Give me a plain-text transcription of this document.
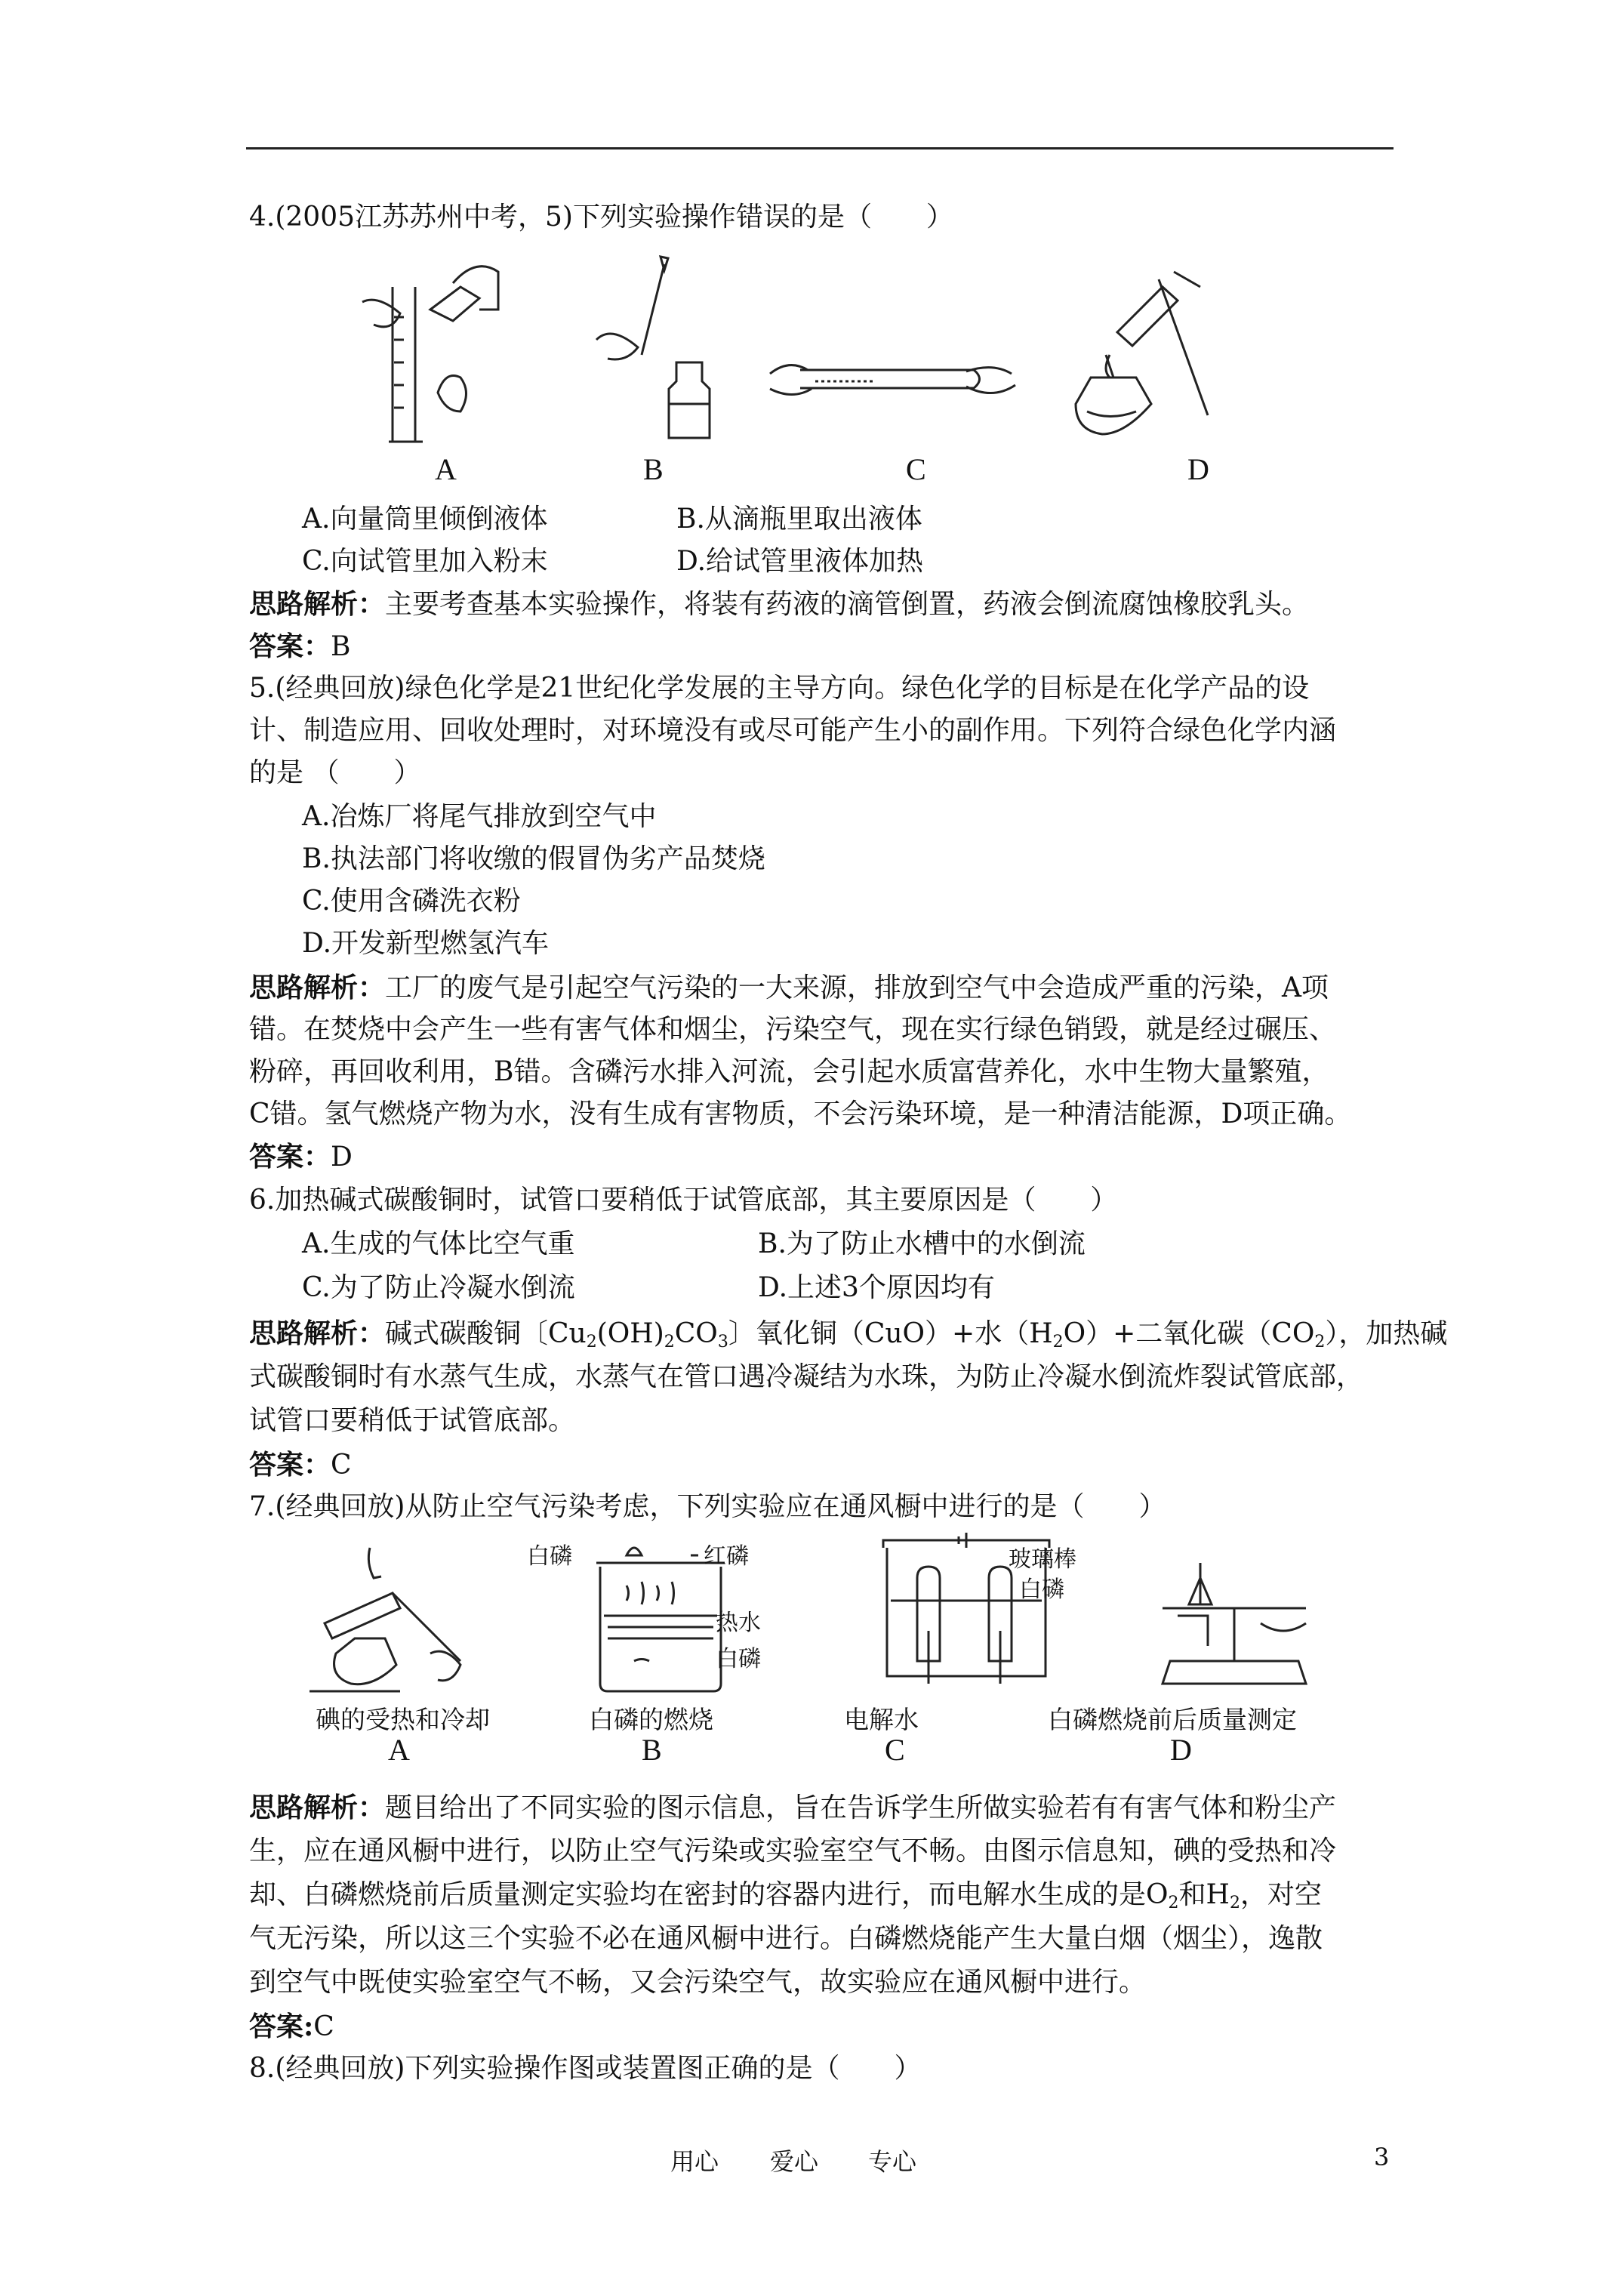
4.(2005江苏苏州中考，5)下列实验操作错误的是（　　）
A	B	C	D
A.向量筒里倾倒液体	B.从滴瓶里取出液体
C.向试管里加入粉末	D.给试管里液体加热
思路解析：主要考查基本实验操作，将装有药液的滴管倒置，药液会倒流腐蚀橡胶乳头。
答案：B
5.(经典回放)绿色化学是21世纪化学发展的主导方向。绿色化学的目标是在化学产品的设
计、制造应用、回收处理时，对环境没有或尽可能产生小的副作用。下列符合绿色化学内涵
的是 （　　）
A.冶炼厂将尾气排放到空气中
B.执法部门将收缴的假冒伪劣产品焚烧
C.使用含磷洗衣粉
D.开发新型燃氢汽车
思路解析：工厂的废气是引起空气污染的一大来源，排放到空气中会造成严重的污染，A项
错。在焚烧中会产生一些有害气体和烟尘，污染空气，现在实行绿色销毁，就是经过碾压、
粉碎，再回收利用，B错。含磷污水排入河流，会引起水质富营养化，水中生物大量繁殖，
C错。氢气燃烧产物为水，没有生成有害物质，不会污染环境，是一种清洁能源，D项正确。
答案：D
6.加热碱式碳酸铜时，试管口要稍低于试管底部，其主要原因是（　　）
A.生成的气体比空气重	B.为了防止水槽中的水倒流
C.为了防止冷凝水倒流	D.上述3个原因均有
思路解析：碱式碳酸铜〔$Cu_2(OH)_2CO_3$〕氧化铜（CuO）+水$(H_2O)+$二氧化碳$(CO_2)$，加热碱
式碳酸铜时有水蒸气生成，水蒸气在管口遇冷凝结为水珠，为防止冷凝水倒流炸裂试管底部，
试管口要稍低于试管底部。
答案：C
7.(经典回放)从防止空气污染考虑，下列实验应在通风橱中进行的是（　　）
白磷	红磷
热水
白磷
玻璃棒
白磷
碘的受热和冷却	白磷的燃烧	电解水	白磷燃烧前后质量测定
A	B	C	D
思路解析：题目给出了不同实验的图示信息，旨在告诉学生所做实验若有有害气体和粉尘产
生，应在通风橱中进行，以防止空气污染或实验室空气不畅。由图示信息知，碘的受热和冷
却、白磷燃烧前后质量测定实验均在密封的容器内进行，而电解水生成的是$O_2$和$H_2$，对空
气无污染，所以这三个实验不必在通风橱中进行。白磷燃烧能产生大量白烟（烟尘），逸散
到空气中既使实验室空气不畅，又会污染空气，故实验应在通风橱中进行。
答案:C
8.(经典回放)下列实验操作图或装置图正确的是（　　）
用心 爱心 专心	3
